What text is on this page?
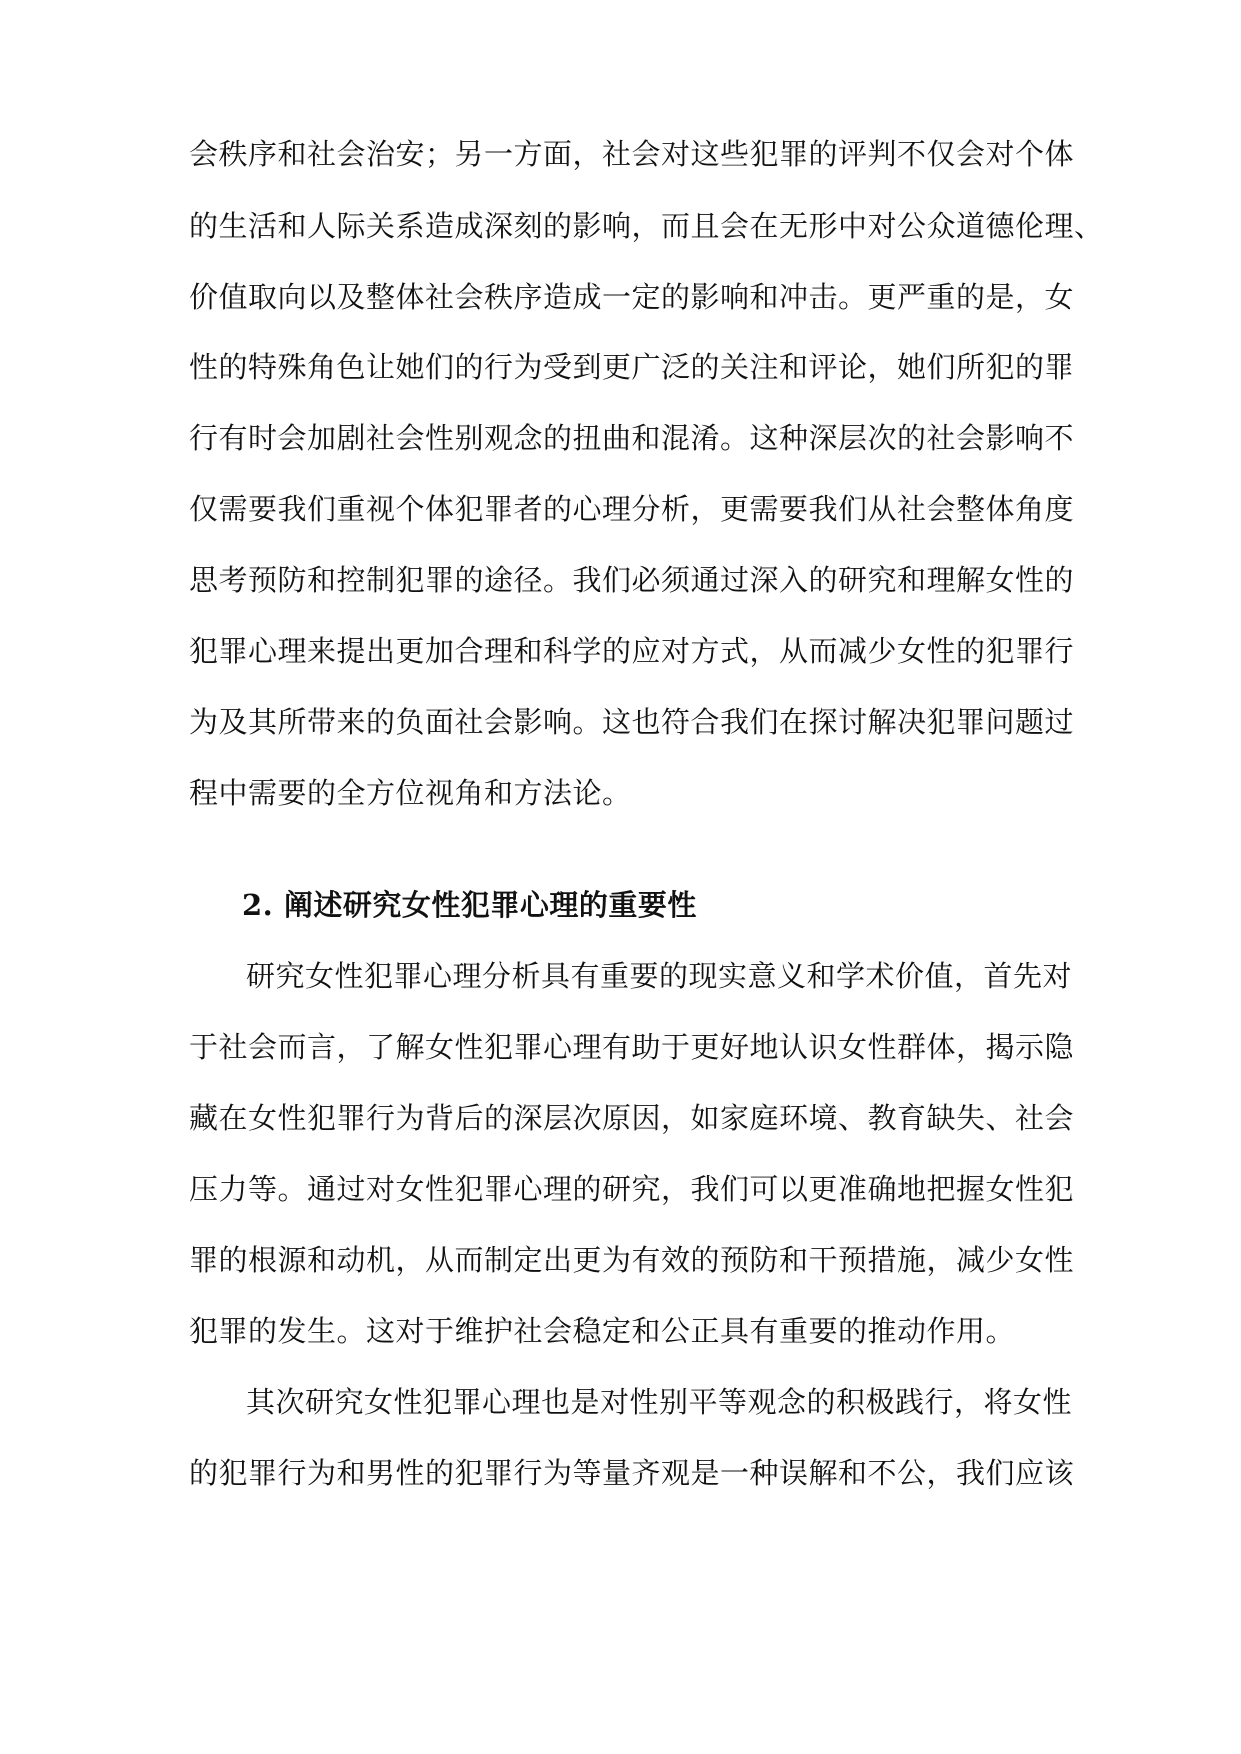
会秩序和社会治安；另一方面，社会对这些犯罪的评判不仅会对个体
的生活和人际关系造成深刻的影响，而且会在无形中对公众道德伦理、
价值取向以及整体社会秩序造成一定的影响和冲击。更严重的是，女
性的特殊角色让她们的行为受到更广泛的关注和评论，她们所犯的罪
行有时会加剧社会性别观念的扭曲和混淆。这种深层次的社会影响不
仅需要我们重视个体犯罪者的心理分析，更需要我们从社会整体角度
思考预防和控制犯罪的途径。我们必须通过深入的研究和理解女性的
犯罪心理来提出更加合理和科学的应对方式，从而减少女性的犯罪行
为及其所带来的负面社会影响。这也符合我们在探讨解决犯罪问题过
程中需要的全方位视角和方法论。
2. 阐述研究女性犯罪心理的重要性
研究女性犯罪心理分析具有重要的现实意义和学术价值，首先对
于社会而言，了解女性犯罪心理有助于更好地认识女性群体，揭示隐
藏在女性犯罪行为背后的深层次原因，如家庭环境、教育缺失、社会
压力等。通过对女性犯罪心理的研究，我们可以更准确地把握女性犯
罪的根源和动机，从而制定出更为有效的预防和干预措施，减少女性
犯罪的发生。这对于维护社会稳定和公正具有重要的推动作用。
其次研究女性犯罪心理也是对性别平等观念的积极践行，将女性
的犯罪行为和男性的犯罪行为等量齐观是一种误解和不公，我们应该
